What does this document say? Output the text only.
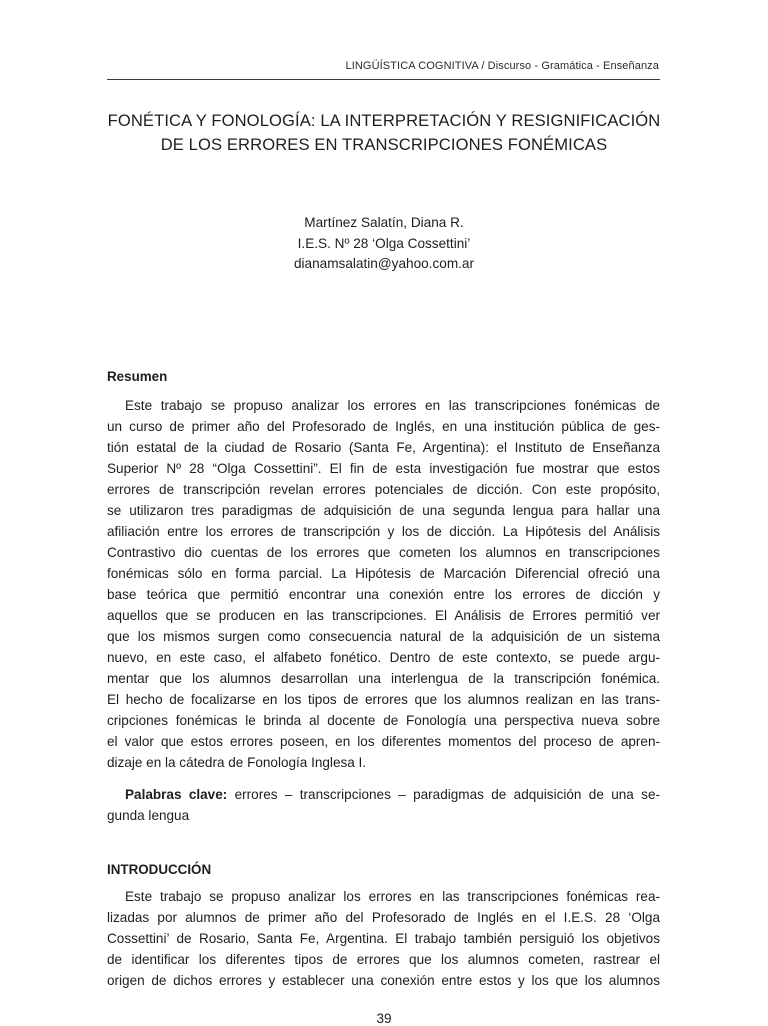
LINGÜÍSTICA COGNITIVA / Discurso - Gramática - Enseñanza
FONÉTICA Y FONOLOGÍA: LA INTERPRETACIÓN Y RESIGNIFICACIÓN
DE LOS ERRORES EN TRANSCRIPCIONES FONÉMICAS
Martínez Salatín, Diana R.
I.E.S. Nº 28 ‘Olga Cossettini’
dianamsalatin@yahoo.com.ar
Resumen
Este trabajo se propuso analizar los errores en las transcripciones fonémicas de
un curso de primer año del Profesorado de Inglés, en una institución pública de ges-
tión estatal de la ciudad de Rosario (Santa Fe, Argentina): el Instituto de Enseñanza
Superior Nº 28 “Olga Cossettini”. El fin de esta investigación fue mostrar que estos
errores de transcripción revelan errores potenciales de dicción. Con este propósito,
se utilizaron tres paradigmas de adquisición de una segunda lengua para hallar una
afiliación entre los errores de transcripción y los de dicción. La Hipótesis del Análisis
Contrastivo dio cuentas de los errores que cometen los alumnos en transcripciones
fonémicas sólo en forma parcial. La Hipótesis de Marcación Diferencial ofreció una
base teórica que permitió encontrar una conexión entre los errores de dicción y
aquellos que se producen en las transcripciones. El Análisis de Errores permitió ver
que los mismos surgen como consecuencia natural de la adquisición de un sistema
nuevo, en este caso, el alfabeto fonético. Dentro de este contexto, se puede argu-
mentar que los alumnos desarrollan una interlengua de la transcripción fonémica.
El hecho de focalizarse en los tipos de errores que los alumnos realizan en las trans-
cripciones fonémicas le brinda al docente de Fonología una perspectiva nueva sobre
el valor que estos errores poseen, en los diferentes momentos del proceso de apren-
dizaje en la cátedra de Fonología Inglesa I.
Palabras clave: errores – transcripciones – paradigmas de adquisición de una se-
gunda lengua
INTRODUCCIÓN
Este trabajo se propuso analizar los errores en las transcripciones fonémicas rea-
lizadas por alumnos de primer año del Profesorado de Inglés en el I.E.S. 28 ‘Olga
Cossettini’ de Rosario, Santa Fe, Argentina. El trabajo también persiguió los objetivos
de identificar los diferentes tipos de errores que los alumnos cometen, rastrear el
origen de dichos errores y establecer una conexión entre estos y los que los alumnos
39
